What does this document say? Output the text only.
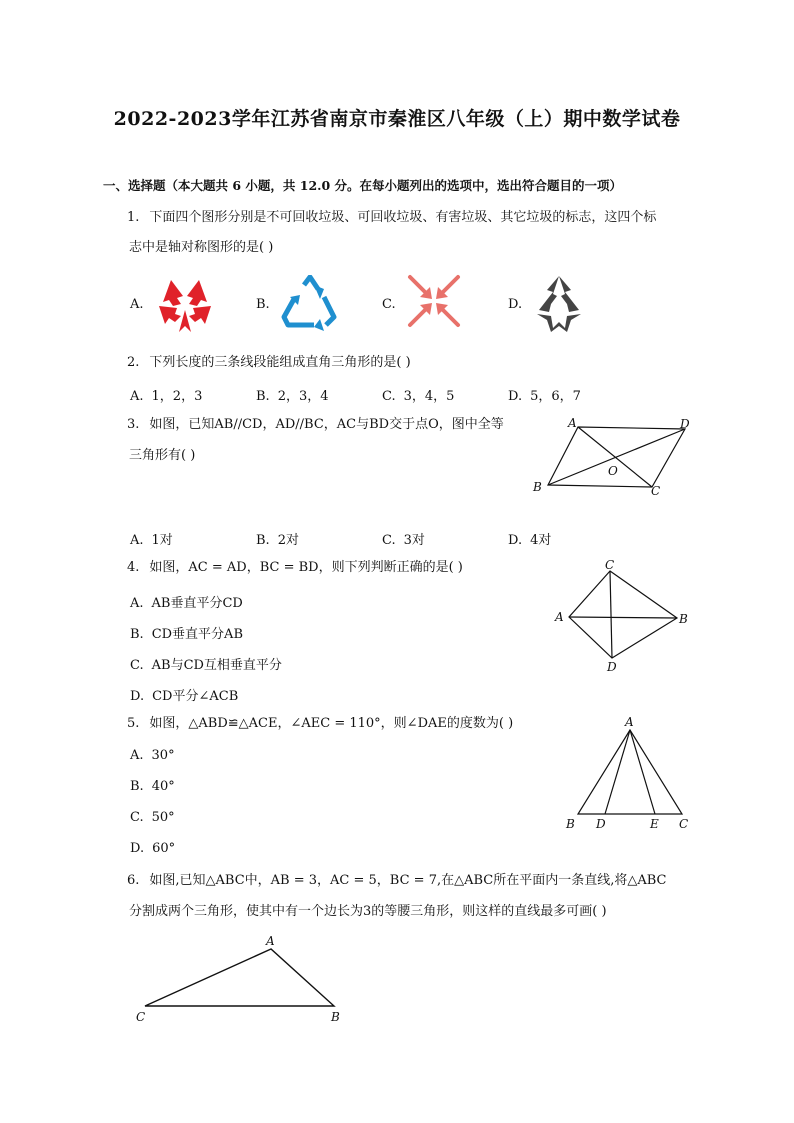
2022-2023学年江苏省南京市秦淮区八年级（上）期中数学试卷
一、选择题（本大题共 6 小题，共 12.0 分。在每小题列出的选项中，选出符合题目的一项）
1. 下面四个图形分别是不可回收垃圾、可回收垃圾、有害垃圾、其它垃圾的标志，这四个标
志中是轴对称图形的是( )
A.	B.	C.	D.
2. 下列长度的三条线段能组成直角三角形的是( )
A. 1，2，3	B. 2，3，4	C. 3，4，5	D. 5，6，7
3. 如图，已知AB//CD，AD//BC，AC与BD交于点O，图中全等
三角形有( )
A	D
B	C
O
A. 1对	B. 2对	C. 3对	D. 4对
4. 如图，AC = AD，BC = BD，则下列判断正确的是( )
A. AB垂直平分CD
B. CD垂直平分AB
C. AB与CD互相垂直平分
D. CD平分∠ACB
C
A	B
D
5. 如图，△ABD≌△ACE，∠AEC = 110°，则∠DAE的度数为( )
A. 30°
B. 40°
C. 50°
D. 60°
A
B D	E C
6. 如图,已知△ABC中，AB = 3，AC = 5，BC = 7,在△ABC所在平面内一条直线,将△ABC
分割成两个三角形，使其中有一个边长为3的等腰三角形，则这样的直线最多可画( )
A
C	B
